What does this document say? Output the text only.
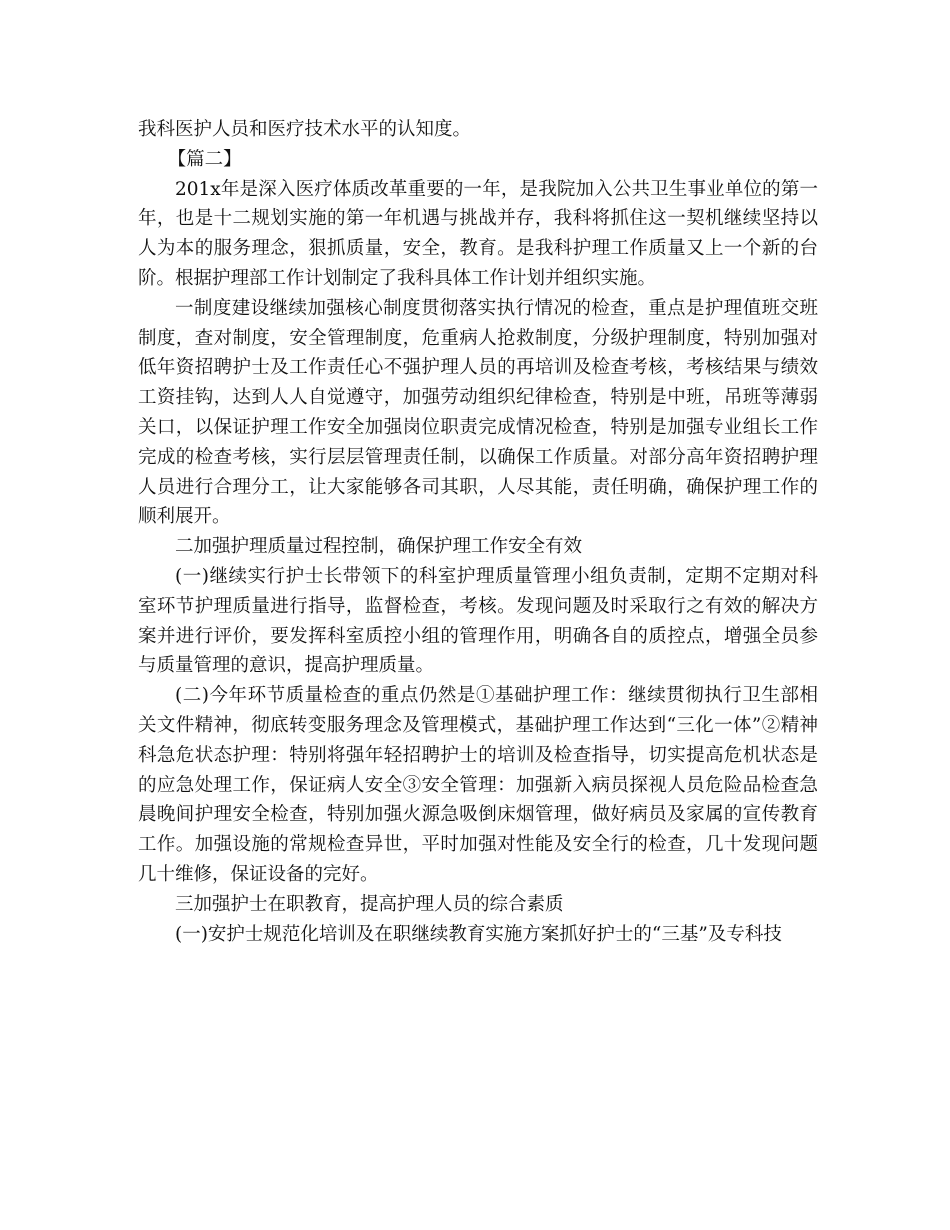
我科医护人员和医疗技术水平的认知度。

【篇二】

201x年是深入医疗体质改革重要的一年，是我院加入公共卫生事业单位的第一年，也是十二规划实施的第一年机遇与挑战并存，我科将抓住这一契机继续坚持以人为本的服务理念，狠抓质量，安全，教育。是我科护理工作质量又上一个新的台阶。根据护理部工作计划制定了我科具体工作计划并组织实施。

一制度建设继续加强核心制度贯彻落实执行情况的检查，重点是护理值班交班制度，查对制度，安全管理制度，危重病人抢救制度，分级护理制度，特别加强对低年资招聘护士及工作责任心不强护理人员的再培训及检查考核，考核结果与绩效工资挂钩，达到人人自觉遵守，加强劳动组织纪律检查，特别是中班，吊班等薄弱关口，以保证护理工作安全加强岗位职责完成情况检查，特别是加强专业组长工作完成的检查考核，实行层层管理责任制，以确保工作质量。对部分高年资招聘护理人员进行合理分工，让大家能够各司其职，人尽其能，责任明确，确保护理工作的顺利展开。

二加强护理质量过程控制，确保护理工作安全有效

(一)继续实行护士长带领下的科室护理质量管理小组负责制，定期不定期对科室环节护理质量进行指导，监督检查，考核。发现问题及时采取行之有效的解决方案并进行评价，要发挥科室质控小组的管理作用，明确各自的质控点，增强全员参与质量管理的意识，提高护理质量。

(二)今年环节质量检查的重点仍然是①基础护理工作：继续贯彻执行卫生部相关文件精神，彻底转变服务理念及管理模式，基础护理工作达到“三化一体”②精神科急危状态护理：特别将强年轻招聘护士的培训及检查指导，切实提高危机状态是的应急处理工作，保证病人安全③安全管理：加强新入病员探视人员危险品检查急晨晚间护理安全检查，特别加强火源急吸倒床烟管理，做好病员及家属的宣传教育工作。加强设施的常规检查异世，平时加强对性能及安全行的检查，几十发现问题几十维修，保证设备的完好。

三加强护士在职教育，提高护理人员的综合素质

(一)安护士规范化培训及在职继续教育实施方案抓好护士的“三基”及专科技
